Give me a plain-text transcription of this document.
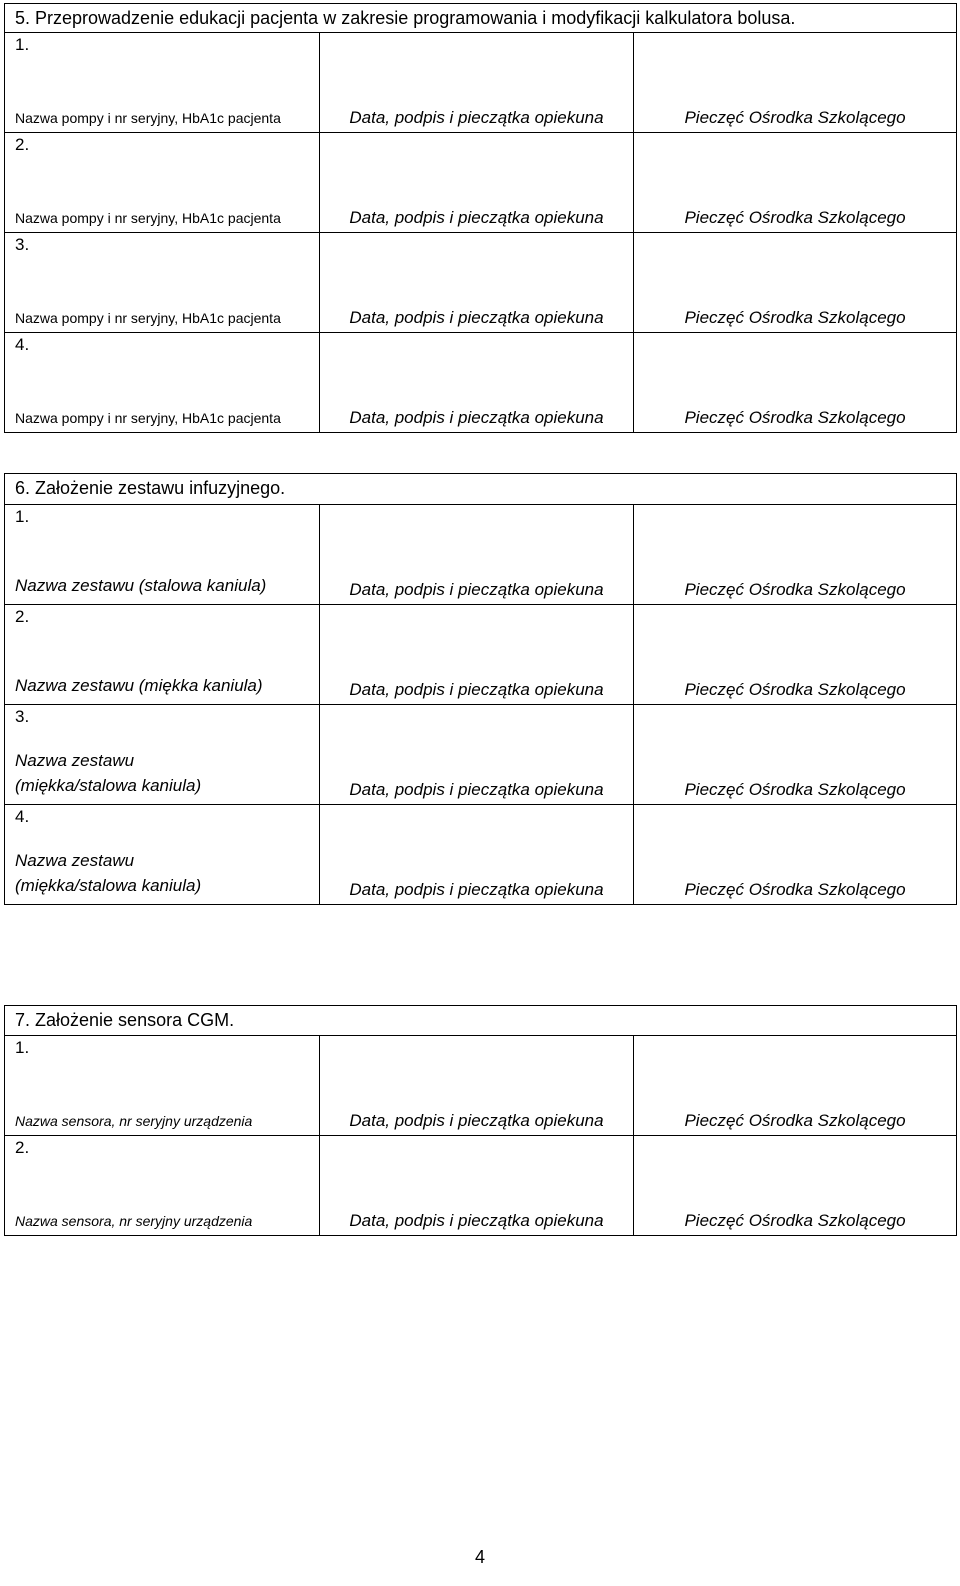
5. Przeprowadzenie edukacji pacjenta w zakresie programowania i modyfikacji kalkulatora bolusa.		

1.
Nazwa pompy i nr seryjny, HbA1c pacjenta	Data, podpis i pieczątka opiekuna	Pieczęć Ośrodka Szkolącego

2.
Nazwa pompy i nr seryjny, HbA1c pacjenta	Data, podpis i pieczątka opiekuna	Pieczęć Ośrodka Szkolącego

3.
Nazwa pompy i nr seryjny, HbA1c pacjenta	Data, podpis i pieczątka opiekuna	Pieczęć Ośrodka Szkolącego

4.
Nazwa pompy i nr seryjny, HbA1c pacjenta	Data, podpis i pieczątka opiekuna	Pieczęć Ośrodka Szkolącego
6. Założenie zestawu infuzyjnego.		

1.
Nazwa zestawu (stalowa kaniula)	Data, podpis i pieczątka opiekuna	Pieczęć Ośrodka Szkolącego

2.
Nazwa zestawu (miękka kaniula)	Data, podpis i pieczątka opiekuna	Pieczęć Ośrodka Szkolącego

3.
Nazwa zestawu
(miękka/stalowa kaniula)	Data, podpis i pieczątka opiekuna	Pieczęć Ośrodka Szkolącego

4.
Nazwa zestawu
(miękka/stalowa kaniula)	Data, podpis i pieczątka opiekuna	Pieczęć Ośrodka Szkolącego
7. Założenie sensora CGM.		

1.
Nazwa sensora, nr seryjny urządzenia	Data, podpis i pieczątka opiekuna	Pieczęć Ośrodka Szkolącego

2.
Nazwa sensora, nr seryjny urządzenia	Data, podpis i pieczątka opiekuna	Pieczęć Ośrodka Szkolącego
4
